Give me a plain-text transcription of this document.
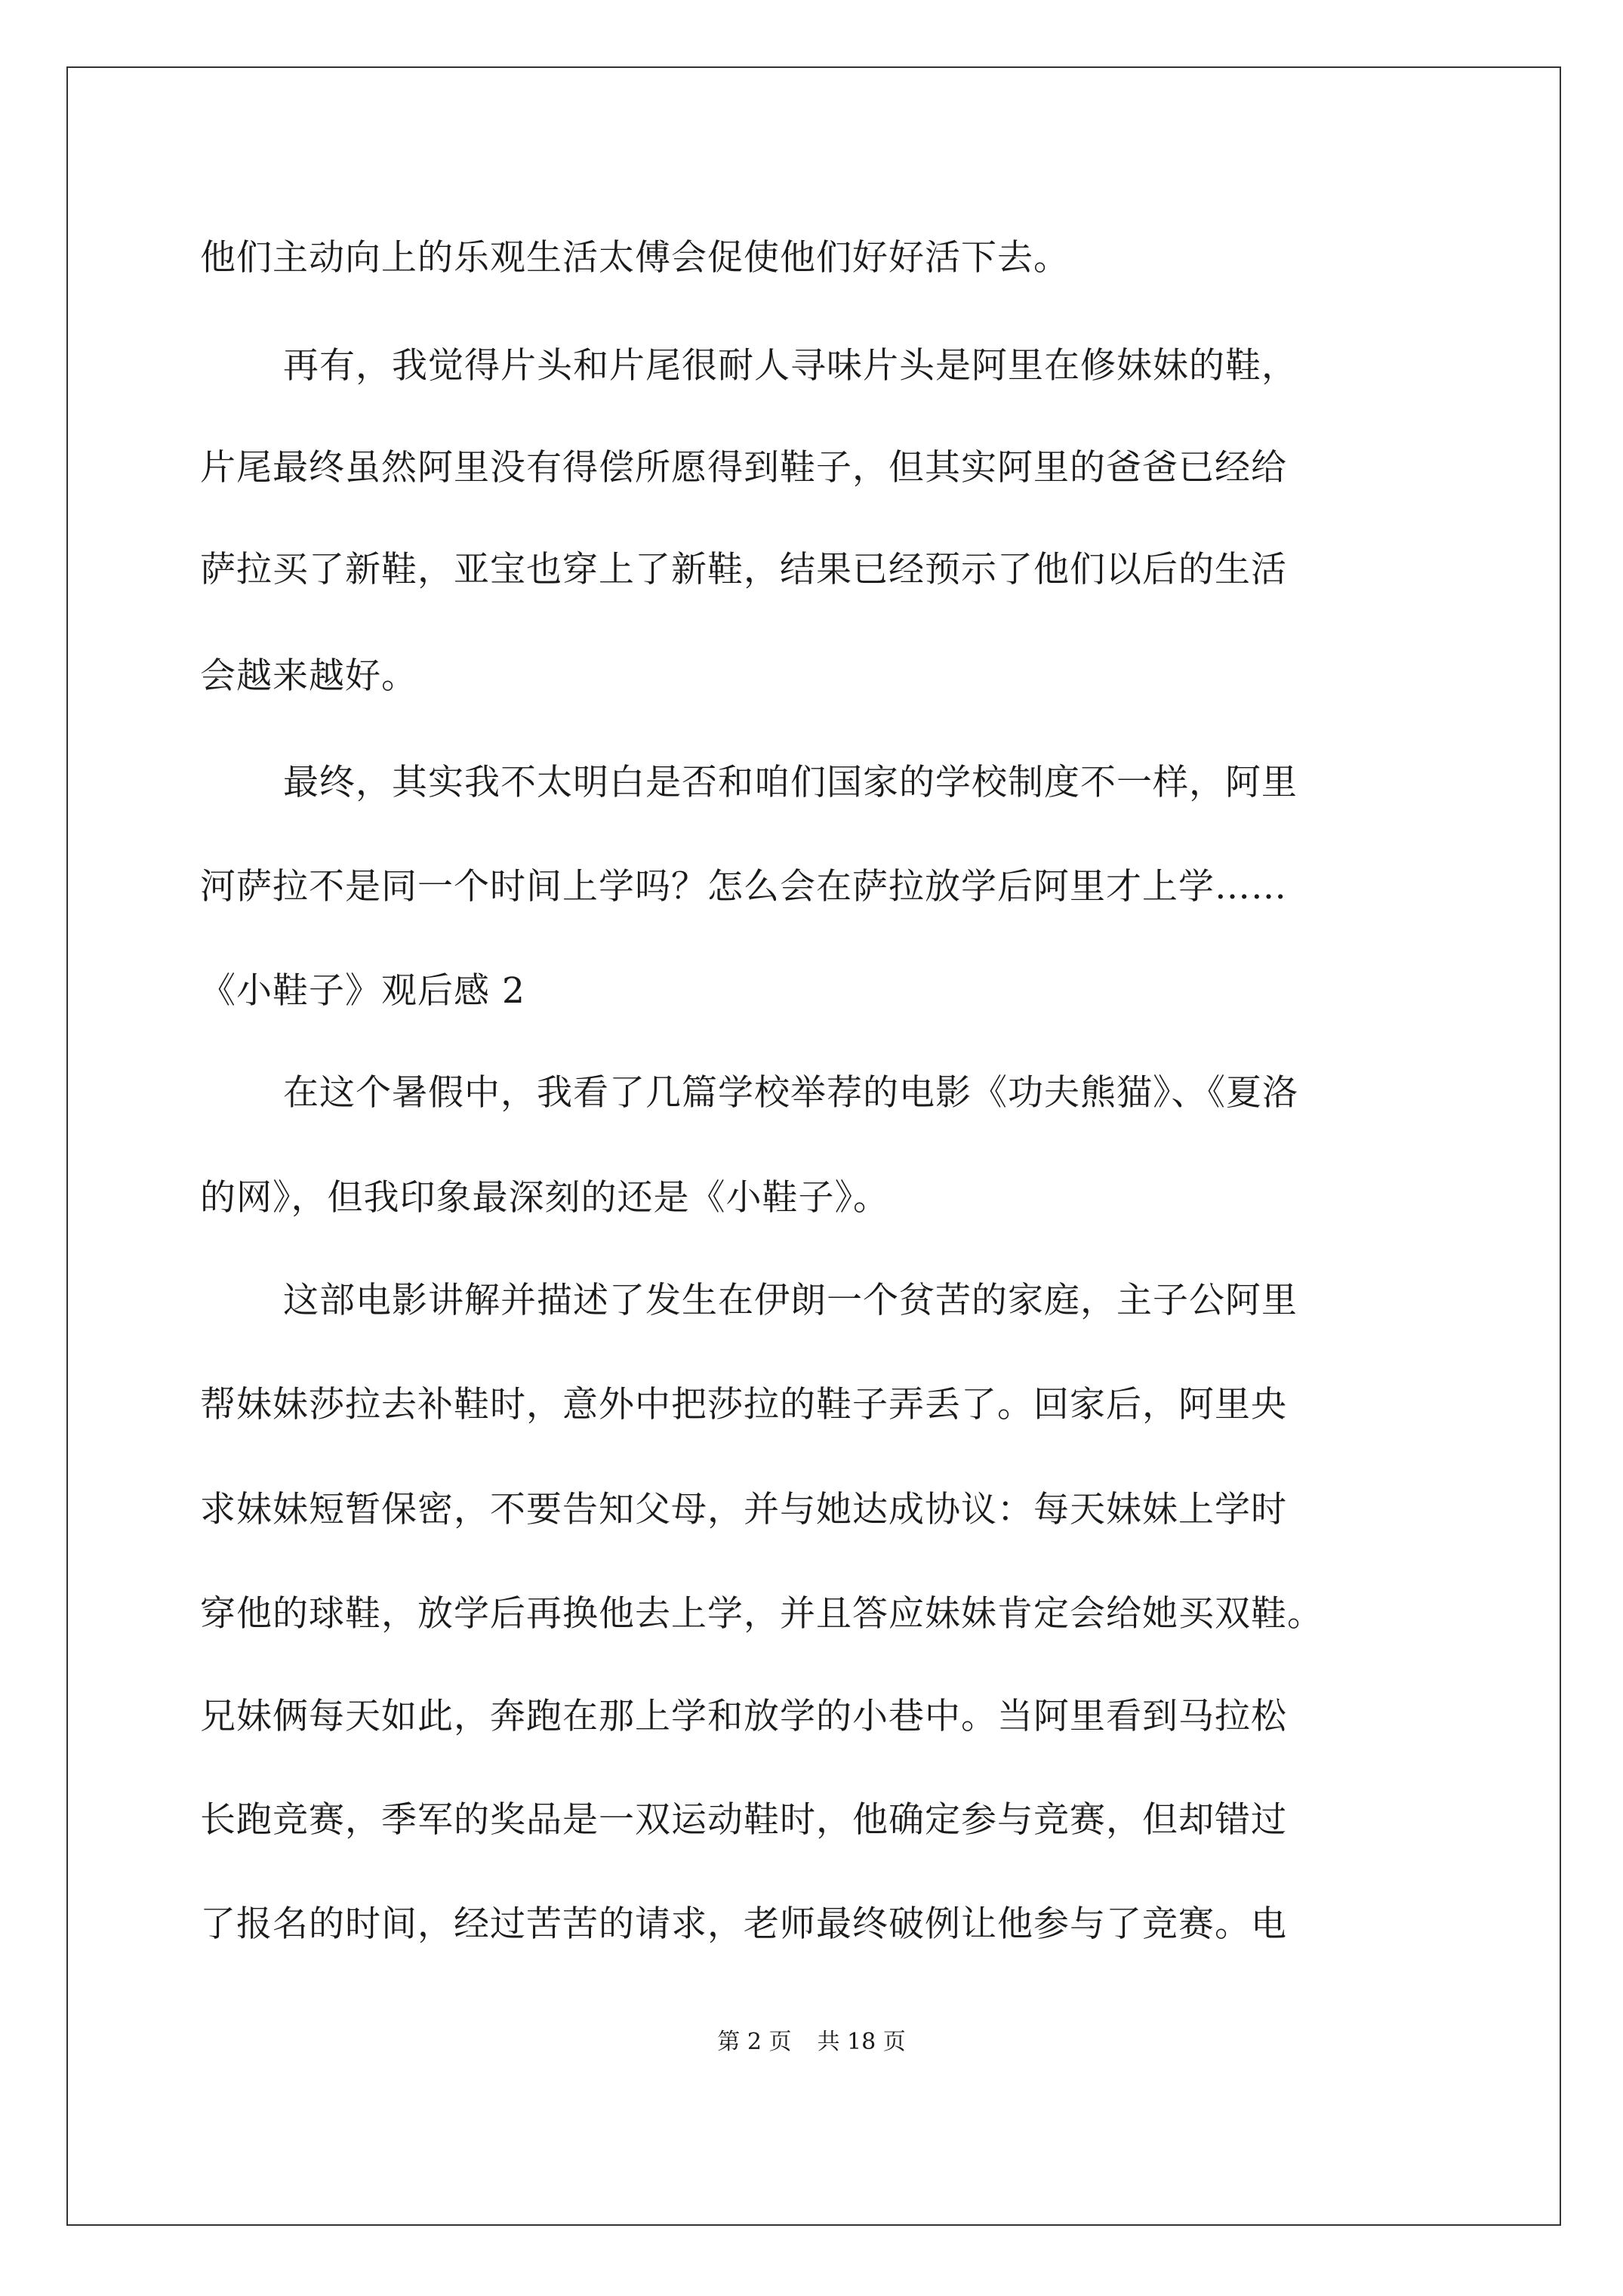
他们主动向上的乐观生活太傅会促使他们好好活下去。
再有，我觉得片头和片尾很耐人寻味片头是阿里在修妹妹的鞋，
片尾最终虽然阿里没有得偿所愿得到鞋子，但其实阿里的爸爸已经给
萨拉买了新鞋，亚宝也穿上了新鞋，结果已经预示了他们以后的生活
会越来越好。
最终，其实我不太明白是否和咱们国家的学校制度不一样，阿里
河萨拉不是同一个时间上学吗？怎么会在萨拉放学后阿里才上学……
《小鞋子》观后感 2
在这个暑假中，我看了几篇学校举荐的电影《功夫熊猫》、《夏洛
的网》，但我印象最深刻的还是《小鞋子》。
这部电影讲解并描述了发生在伊朗一个贫苦的家庭，主子公阿里
帮妹妹莎拉去补鞋时，意外中把莎拉的鞋子弄丢了。回家后，阿里央
求妹妹短暂保密，不要告知父母，并与她达成协议：每天妹妹上学时
穿他的球鞋，放学后再换他去上学，并且答应妹妹肯定会给她买双鞋。
兄妹俩每天如此，奔跑在那上学和放学的小巷中。当阿里看到马拉松
长跑竞赛，季军的奖品是一双运动鞋时，他确定参与竞赛，但却错过
了报名的时间，经过苦苦的请求，老师最终破例让他参与了竞赛。电
第 2 页 共 18 页
